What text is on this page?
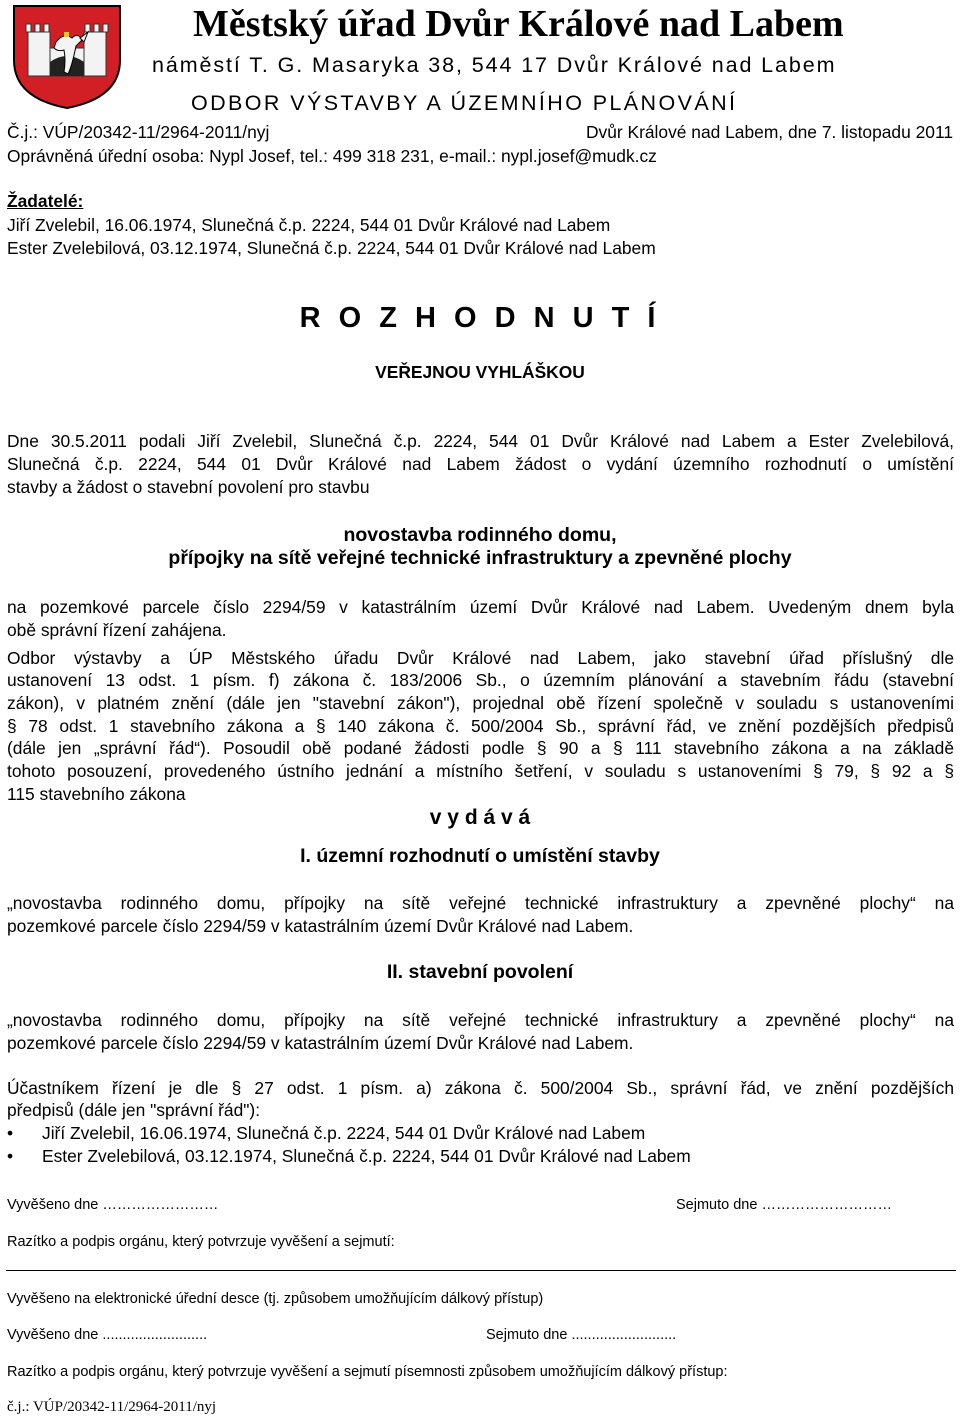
Městský úřad Dvůr Králové nad Labem
náměstí T. G. Masaryka 38, 544 17 Dvůr Králové nad Labem
ODBOR VÝSTAVBY A ÚZEMNÍHO PLÁNOVÁNÍ
Č.j.: VÚP/20342-11/2964-2011/nyj	Dvůr Králové nad Labem, dne 7. listopadu 2011
Oprávněná úřední osoba: Nypl Josef, tel.: 499 318 231, e-mail.: nypl.josef@mudk.cz
Žadatelé:
Jiří Zvelebil, 16.06.1974, Slunečná č.p. 2224, 544 01 Dvůr Králové nad Labem
Ester Zvelebilová, 03.12.1974, Slunečná č.p. 2224, 544 01 Dvůr Králové nad Labem
R O Z H O D N U T Í
VEŘEJNOU VYHLÁŠKOU
Dne 30.5.2011 podali Jiří Zvelebil, Slunečná č.p. 2224, 544 01 Dvůr Králové nad Labem a Ester Zvelebilová,
Slunečná č.p. 2224, 544 01 Dvůr Králové nad Labem žádost o vydání územního rozhodnutí o umístění
stavby a žádost o stavební povolení pro stavbu
novostavba rodinného domu,
přípojky na sítě veřejné technické infrastruktury a zpevněné plochy
na pozemkové parcele číslo 2294/59 v katastrálním území Dvůr Králové nad Labem. Uvedeným dnem byla
obě správní řízení zahájena.
Odbor výstavby a ÚP Městského úřadu Dvůr Králové nad Labem, jako stavební úřad příslušný dle
ustanovení 13 odst. 1 písm. f) zákona č. 183/2006 Sb., o územním plánování a stavebním řádu (stavební
zákon), v platném znění (dále jen "stavební zákon"), projednal obě řízení společně v souladu s ustanoveními
§ 78 odst. 1 stavebního zákona a § 140 zákona č. 500/2004 Sb., správní řád, ve znění pozdějších předpisů
(dále jen „správní řád“). Posoudil obě podané žádosti podle § 90 a § 111 stavebního zákona a na základě
tohoto posouzení, provedeného ústního jednání a místního šetření, v souladu s ustanoveními § 79, § 92 a §
115 stavebního zákona
v y d á v á
I. územní rozhodnutí o umístění stavby
„novostavba rodinného domu, přípojky na sítě veřejné technické infrastruktury a zpevněné plochy“ na
pozemkové parcele číslo 2294/59 v katastrálním území Dvůr Králové nad Labem.
II. stavební povolení
„novostavba rodinného domu, přípojky na sítě veřejné technické infrastruktury a zpevněné plochy“ na
pozemkové parcele číslo 2294/59 v katastrálním území Dvůr Králové nad Labem.
Účastníkem řízení je dle § 27 odst. 1 písm. a) zákona č. 500/2004 Sb., správní řád, ve znění pozdějších
předpisů (dále jen "správní řád"):
• Jiří Zvelebil, 16.06.1974, Slunečná č.p. 2224, 544 01 Dvůr Králové nad Labem
• Ester Zvelebilová, 03.12.1974, Slunečná č.p. 2224, 544 01 Dvůr Králové nad Labem
Vyvěšeno dne ……………………	Sejmuto dne ………………………
Razítko a podpis orgánu, který potvrzuje vyvěšení a sejmutí:
Vyvěšeno na elektronické úřední desce (tj. způsobem umožňujícím dálkový přístup)
Vyvěšeno dne ..........................	Sejmuto dne ..........................
Razítko a podpis orgánu, který potvrzuje vyvěšení a sejmutí písemnosti způsobem umožňujícím dálkový přístup:
č.j.: VÚP/20342-11/2964-2011/nyj
